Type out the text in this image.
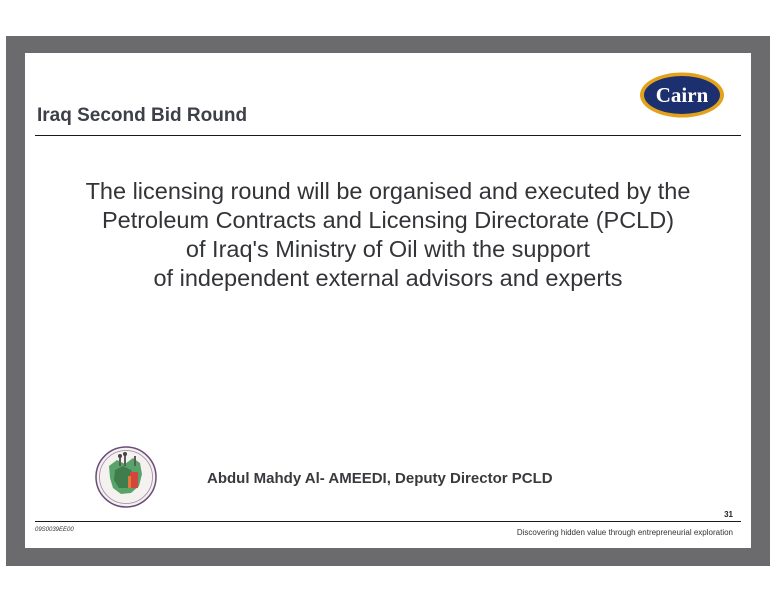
Iraq Second Bid Round
Cairn
The licensing round will be organised and executed by the
Petroleum Contracts and Licensing Directorate (PCLD)
of Iraq's Ministry of Oil with the support
of independent external advisors and experts
Abdul Mahdy Al- AMEEDI, Deputy Director PCLD
31
09S0039EE00	Discovering hidden value through entrepreneurial exploration
